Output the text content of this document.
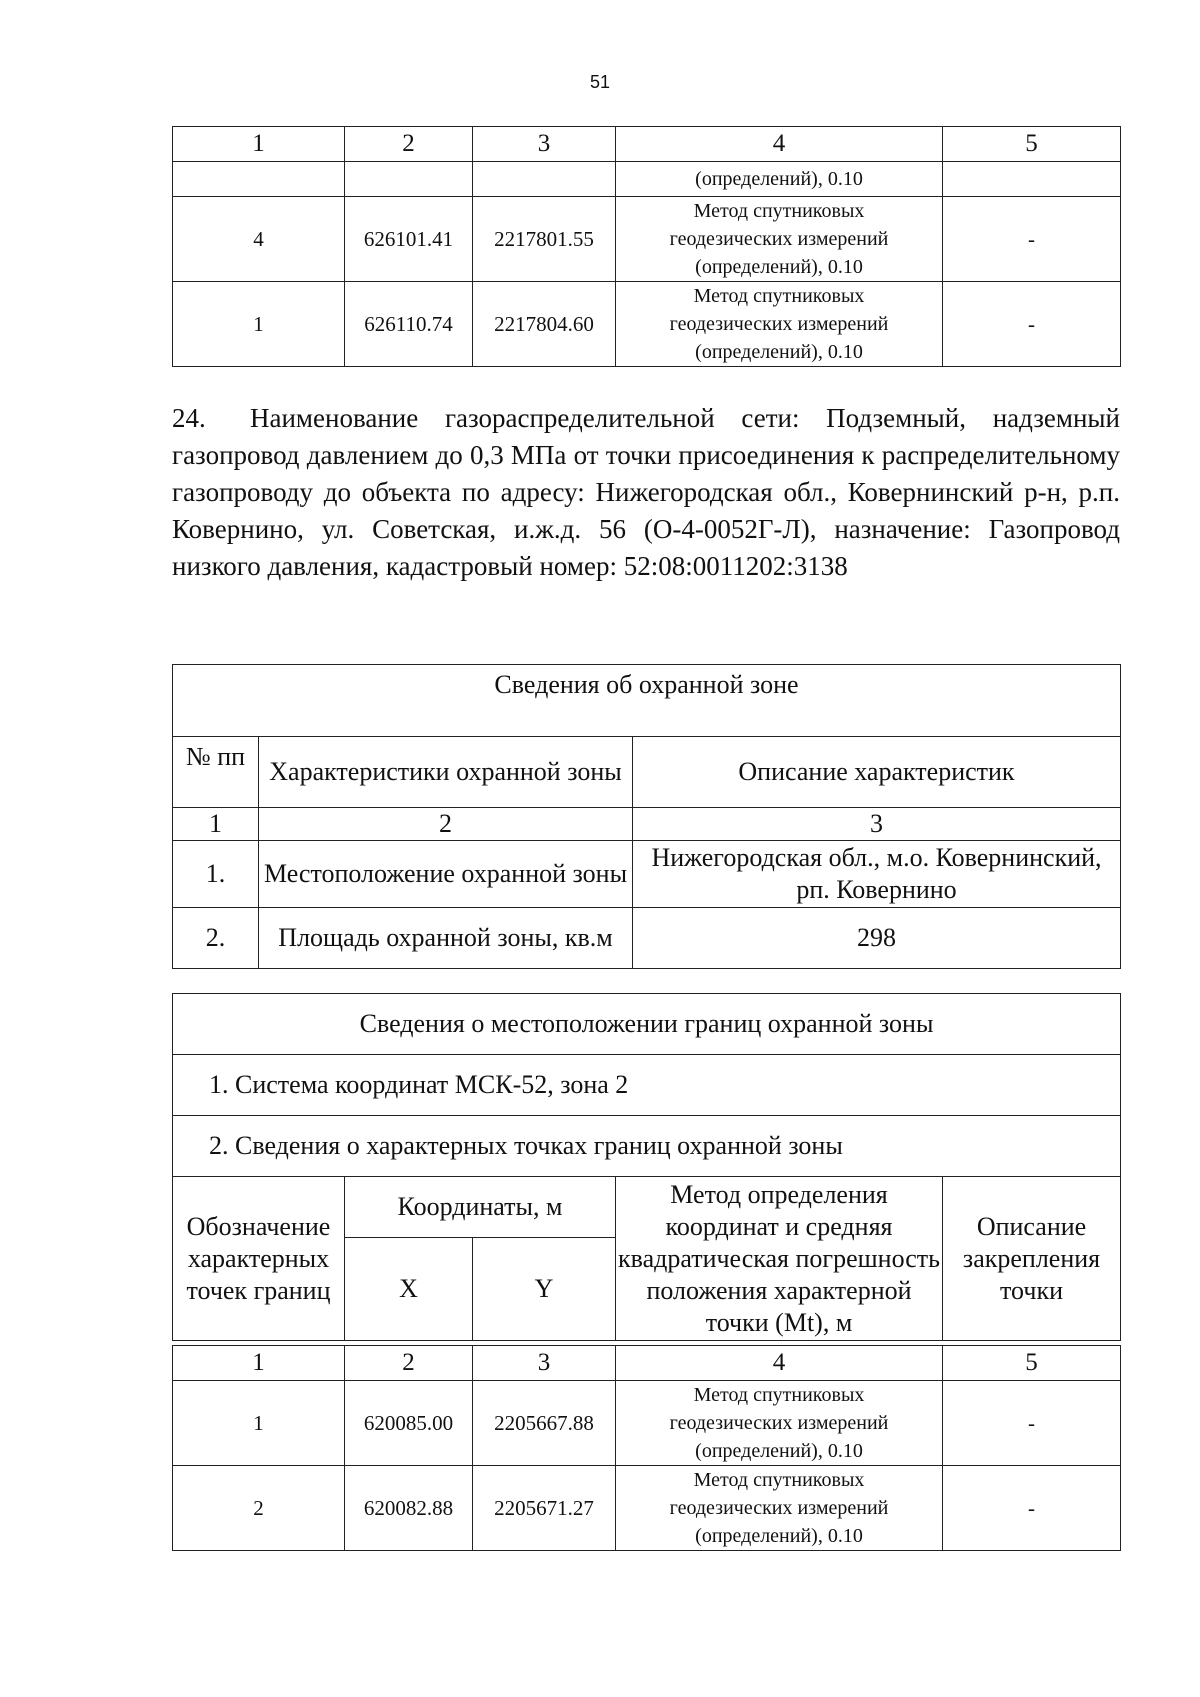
51
1	2	3	4	5
			(определений), 0.10	
4	626101.41	2217801.55	Метод спутниковых
геодезических измерений
(определений), 0.10	-
1	626110.74	2217804.60	Метод спутниковых
геодезических измерений
(определений), 0.10	-
24. Наименование газораспределительной сети: Подземный, надземный газопровод давлением до 0,3 МПа от точки присоединения к распределительному газопроводу до объекта по адресу: Нижегородская обл., Ковернинский р-н, р.п. Ковернино, ул. Советская, и.ж.д. 56 (О-4-0052Г-Л), назначение: Газопровод низкого давления, кадастровый номер: 52:08:0011202:3138
Сведения об охранной зоне		
№ пп	Характеристики охранной зоны	Описание характеристик
1	2	3
1.	Местоположение охранной зоны	Нижегородская обл., м.о. Ковернинский, рп. Ковернино
2.	Площадь охранной зоны, кв.м	298
Сведения о местоположении границ охранной зоны				
1. Система координат МСК-52, зона 2				
2. Сведения о характерных точках границ охранной зоны				
Обозначение характерных точек границ	Координаты, м		Метод определения координат и средняя квадратическая погрешность положения характерной точки (Mt), м	Описание закрепления точки
	X	Y		
1	2	3	4	5
1	620085.00	2205667.88	Метод спутниковых
геодезических измерений
(определений), 0.10	-
2	620082.88	2205671.27	Метод спутниковых
геодезических измерений
(определений), 0.10	-
